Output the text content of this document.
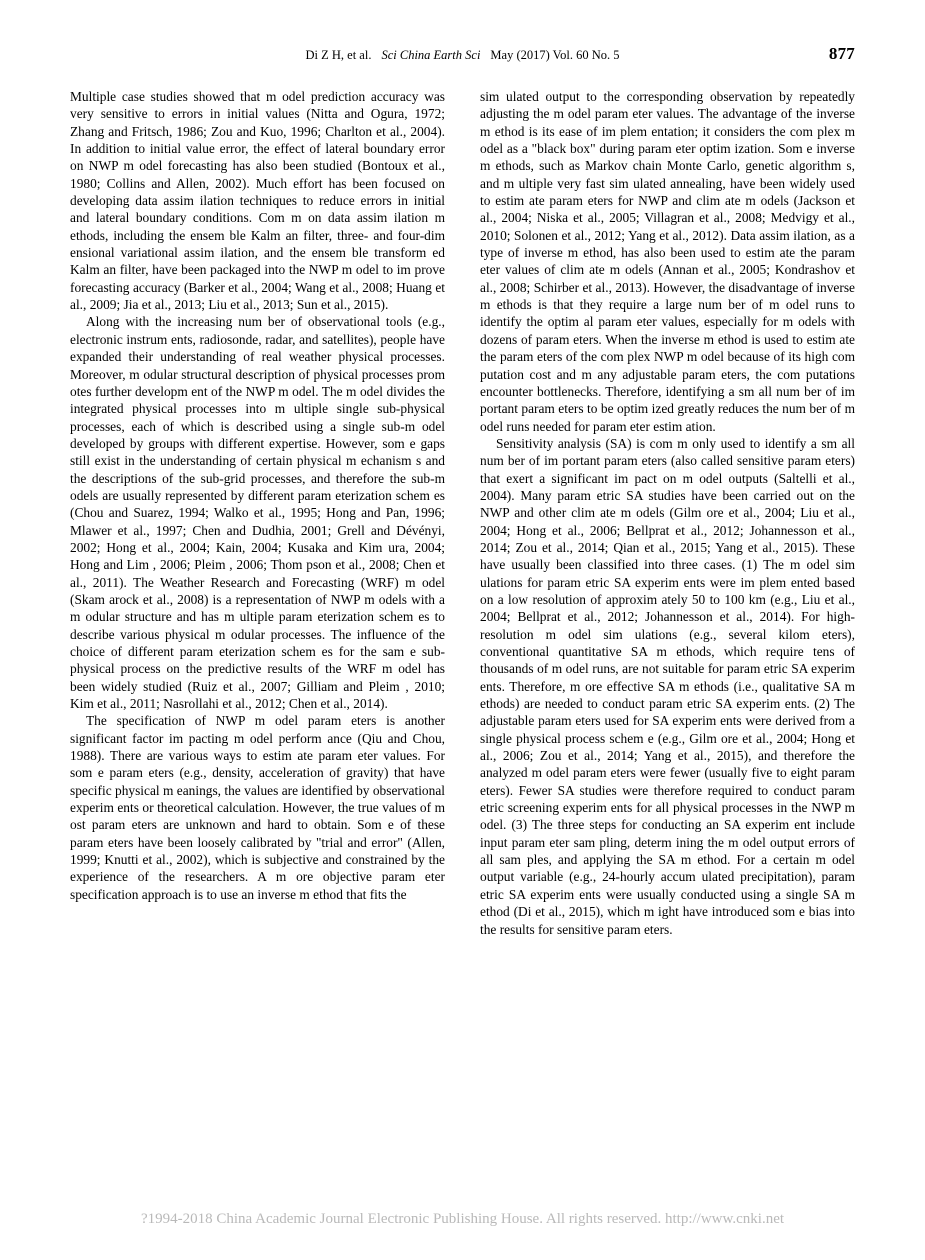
Di Z H, et al. Sci China Earth Sci May (2017) Vol. 60 No. 5	877

Multiple case studies showed that m odel prediction accuracy was very sensitive to errors in initial values (Nitta and Ogura, 1972; Zhang and Fritsch, 1986; Zou and Kuo, 1996; Charlton et al., 2004). In addition to initial value error, the effect of lateral boundary error on NWP m odel forecasting has also been studied (Bontoux et al., 1980; Collins and Allen, 2002). Much effort has been focused on developing data assim ilation techniques to reduce errors in initial and lateral boundary conditions. Com m on data assim ilation m ethods, including the ensem ble Kalm an filter, three- and four-dim ensional variational assim ilation, and the ensem ble transform ed Kalm an filter, have been packaged into the NWP m odel to im prove forecasting accuracy (Barker et al., 2004; Wang et al., 2008; Huang et al., 2009; Jia et al., 2013; Liu et al., 2013; Sun et al., 2015).

Along with the increasing num ber of observational tools (e.g., electronic instrum ents, radiosonde, radar, and satellites), people have expanded their understanding of real weather physical processes. Moreover, m odular structural description of physical processes prom otes further developm ent of the NWP m odel. The m odel divides the integrated physical processes into m ultiple single sub-physical processes, each of which is described using a single sub-m odel developed by groups with different expertise. However, som e gaps still exist in the understanding of certain physical m echanism s and the descriptions of the sub-grid processes, and therefore the sub-m odels are usually represented by different param eterization schem es (Chou and Suarez, 1994; Walko et al., 1995; Hong and Pan, 1996; Mlawer et al., 1997; Chen and Dudhia, 2001; Grell and Dévényi, 2002; Hong et al., 2004; Kain, 2004; Kusaka and Kim ura, 2004; Hong and Lim , 2006; Pleim , 2006; Thom pson et al., 2008; Chen et al., 2011). The Weather Research and Forecasting (WRF) m odel (Skam arock et al., 2008) is a representation of NWP m odels with a m odular structure and has m ultiple param eterization schem es to describe various physical m odular processes. The influence of the choice of different param eterization schem es for the sam e sub-physical process on the predictive results of the WRF m odel has been widely studied (Ruiz et al., 2007; Gilliam and Pleim , 2010; Kim et al., 2011; Nasrollahi et al., 2012; Chen et al., 2014).

The specification of NWP m odel param eters is another significant factor im pacting m odel perform ance (Qiu and Chou, 1988). There are various ways to estim ate param eter values. For som e param eters (e.g., density, acceleration of gravity) that have specific physical m eanings, the values are identified by observational experim ents or theoretical calculation. However, the true values of m ost param eters are unknown and hard to obtain. Som e of these param eters have been loosely calibrated by "trial and error" (Allen, 1999; Knutti et al., 2002), which is subjective and constrained by the experience of the researchers. A m ore objective param eter specification approach is to use an inverse m ethod that fits the

sim ulated output to the corresponding observation by repeatedly adjusting the m odel param eter values. The advantage of the inverse m ethod is its ease of im plem entation; it considers the com plex m odel as a "black box" during param eter optim ization. Som e inverse m ethods, such as Markov chain Monte Carlo, genetic algorithm s, and m ultiple very fast sim ulated annealing, have been widely used to estim ate param eters for NWP and clim ate m odels (Jackson et al., 2004; Niska et al., 2005; Villagran et al., 2008; Medvigy et al., 2010; Solonen et al., 2012; Yang et al., 2012). Data assim ilation, as a type of inverse m ethod, has also been used to estim ate the param eter values of clim ate m odels (Annan et al., 2005; Kondrashov et al., 2008; Schirber et al., 2013). However, the disadvantage of inverse m ethods is that they require a large num ber of m odel runs to identify the optim al param eter values, especially for m odels with dozens of param eters. When the inverse m ethod is used to estim ate the param eters of the com plex NWP m odel because of its high com putation cost and m any adjustable param eters, the com putations encounter bottlenecks. Therefore, identifying a sm all num ber of im portant param eters to be optim ized greatly reduces the num ber of m odel runs needed for param eter estim ation.

Sensitivity analysis (SA) is com m only used to identify a sm all num ber of im portant param eters (also called sensitive param eters) that exert a significant im pact on m odel outputs (Saltelli et al., 2004). Many param etric SA studies have been carried out on the NWP and other clim ate m odels (Gilm ore et al., 2004; Liu et al., 2004; Hong et al., 2006; Bellprat et al., 2012; Johannesson et al., 2014; Zou et al., 2014; Qian et al., 2015; Yang et al., 2015). These have usually been classified into three cases. (1) The m odel sim ulations for param etric SA experim ents were im plem ented based on a low resolution of approxim ately 50 to 100 km (e.g., Liu et al., 2004; Bellprat et al., 2012; Johannesson et al., 2014). For high-resolution m odel sim ulations (e.g., several kilom eters), conventional quantitative SA m ethods, which require tens of thousands of m odel runs, are not suitable for param etric SA experim ents. Therefore, m ore effective SA m ethods (i.e., qualitative SA m ethods) are needed to conduct param etric SA experim ents. (2) The adjustable param eters used for SA experim ents were derived from a single physical process schem e (e.g., Gilm ore et al., 2004; Hong et al., 2006; Zou et al., 2014; Yang et al., 2015), and therefore the analyzed m odel param eters were fewer (usually five to eight param eters). Fewer SA studies were therefore required to conduct param etric screening experim ents for all physical processes in the NWP m odel. (3) The three steps for conducting an SA experim ent include input param eter sam pling, determ ining the m odel output errors of all sam ples, and applying the SA m ethod. For a certain m odel output variable (e.g., 24-hourly accum ulated precipitation), param etric SA experim ents were usually conducted using a single SA m ethod (Di et al., 2015), which m ight have introduced som e bias into the results for sensitive param eters.

?1994-2018 China Academic Journal Electronic Publishing House. All rights reserved. http://www.cnki.net
